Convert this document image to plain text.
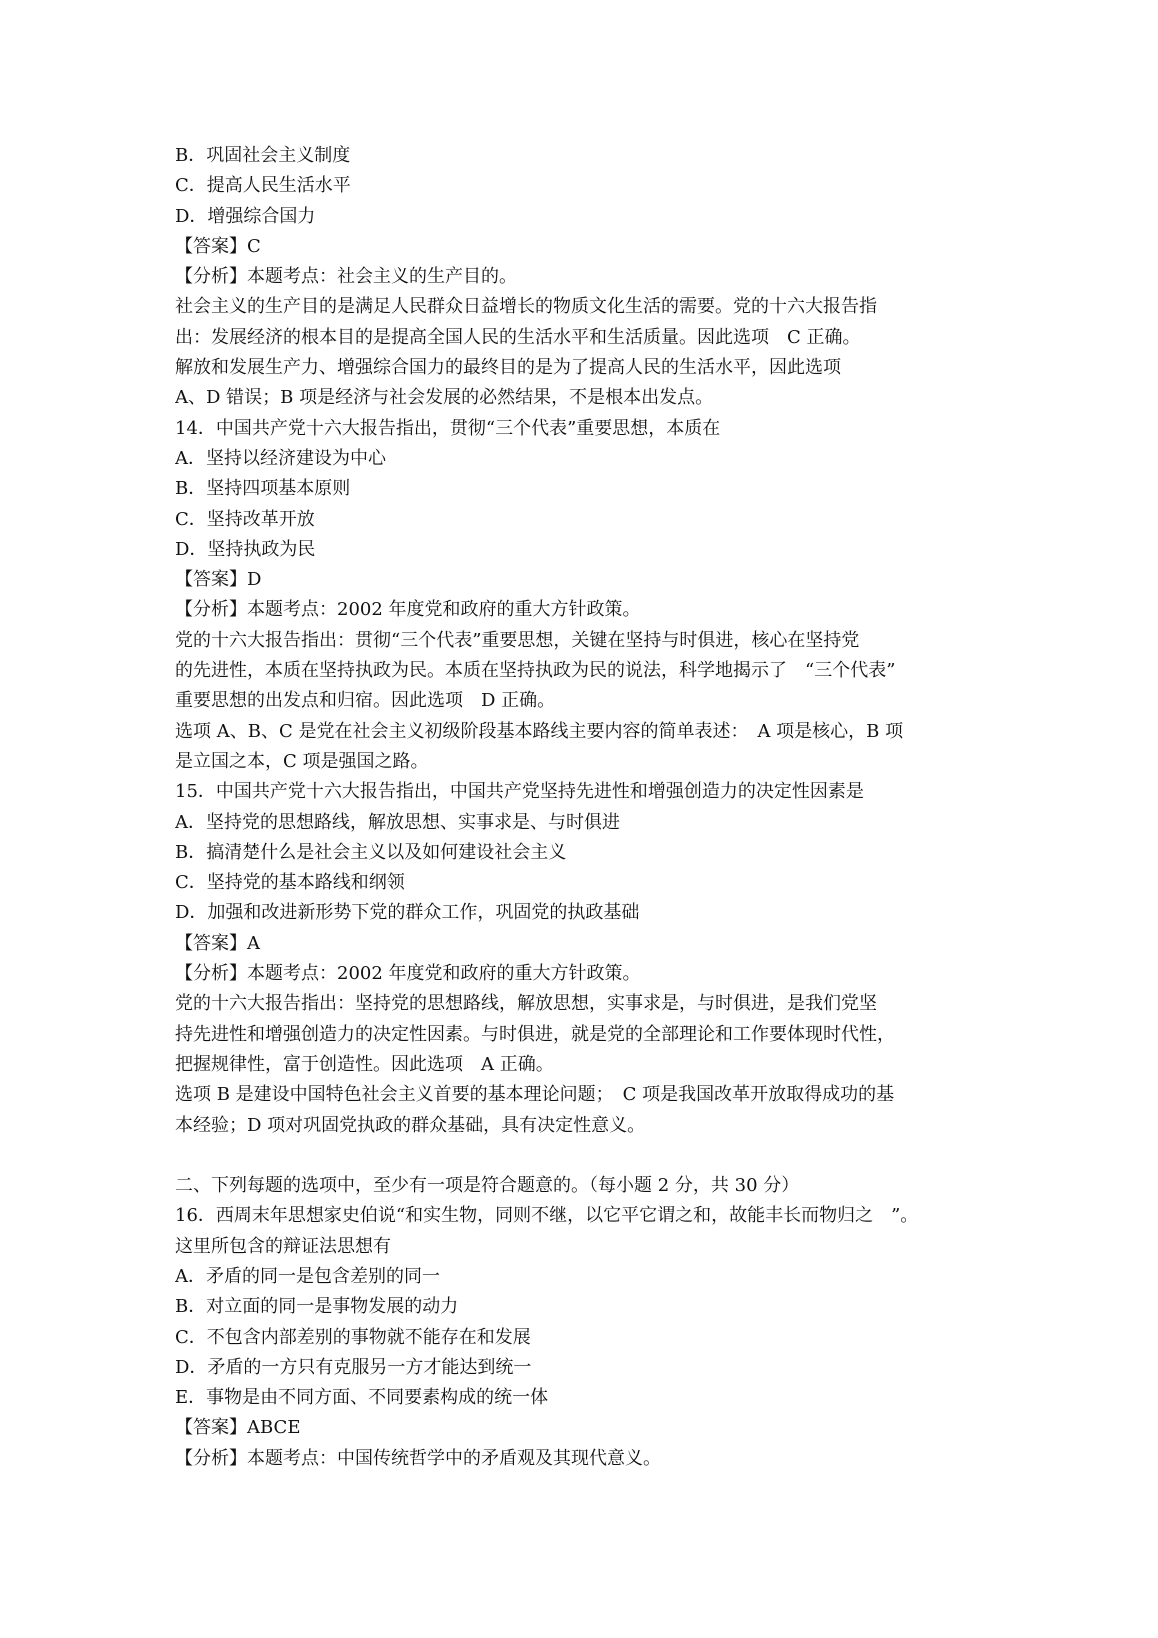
B．巩固社会主义制度
C．提高人民生活水平
D．增强综合国力
【答案】C
【分析】本题考点：社会主义的生产目的。
社会主义的生产目的是满足人民群众日益增长的物质文化生活的需要。党的十六大报告指
出：发展经济的根本目的是提高全国人民的生活水平和生活质量。因此选项　C 正确。
解放和发展生产力、增强综合国力的最终目的是为了提高人民的生活水平，因此选项
A、D 错误；B 项是经济与社会发展的必然结果，不是根本出发点。
14．中国共产党十六大报告指出，贯彻“三个代表”重要思想，本质在
A．坚持以经济建设为中心
B．坚持四项基本原则
C．坚持改革开放
D．坚持执政为民
【答案】D
【分析】本题考点：2002 年度党和政府的重大方针政策。
党的十六大报告指出：贯彻“三个代表”重要思想，关键在坚持与时俱进，核心在坚持党
的先进性，本质在坚持执政为民。本质在坚持执政为民的说法，科学地揭示了　“三个代表”
重要思想的出发点和归宿。因此选项　D 正确。
选项 A、B、C 是党在社会主义初级阶段基本路线主要内容的简单表述：　A 项是核心，B 项
是立国之本，C 项是强国之路。
15．中国共产党十六大报告指出，中国共产党坚持先进性和增强创造力的决定性因素是
A．坚持党的思想路线，解放思想、实事求是、与时俱进
B．搞清楚什么是社会主义以及如何建设社会主义
C．坚持党的基本路线和纲领
D．加强和改进新形势下党的群众工作，巩固党的执政基础
【答案】A
【分析】本题考点：2002 年度党和政府的重大方针政策。
党的十六大报告指出：坚持党的思想路线，解放思想，实事求是，与时俱进，是我们党坚
持先进性和增强创造力的决定性因素。与时俱进，就是党的全部理论和工作要体现时代性，
把握规律性，富于创造性。因此选项　A 正确。
选项 B 是建设中国特色社会主义首要的基本理论问题；　C 项是我国改革开放取得成功的基
本经验；D 项对巩固党执政的群众基础，具有决定性意义。
二、下列每题的选项中，至少有一项是符合题意的。（每小题 2 分，共 30 分）
16．西周末年思想家史伯说“和实生物，同则不继，以它平它谓之和，故能丰长而物归之　”。
这里所包含的辩证法思想有
A．矛盾的同一是包含差别的同一
B．对立面的同一是事物发展的动力
C．不包含内部差别的事物就不能存在和发展
D．矛盾的一方只有克服另一方才能达到统一
E．事物是由不同方面、不同要素构成的统一体
【答案】ABCE
【分析】本题考点：中国传统哲学中的矛盾观及其现代意义。
